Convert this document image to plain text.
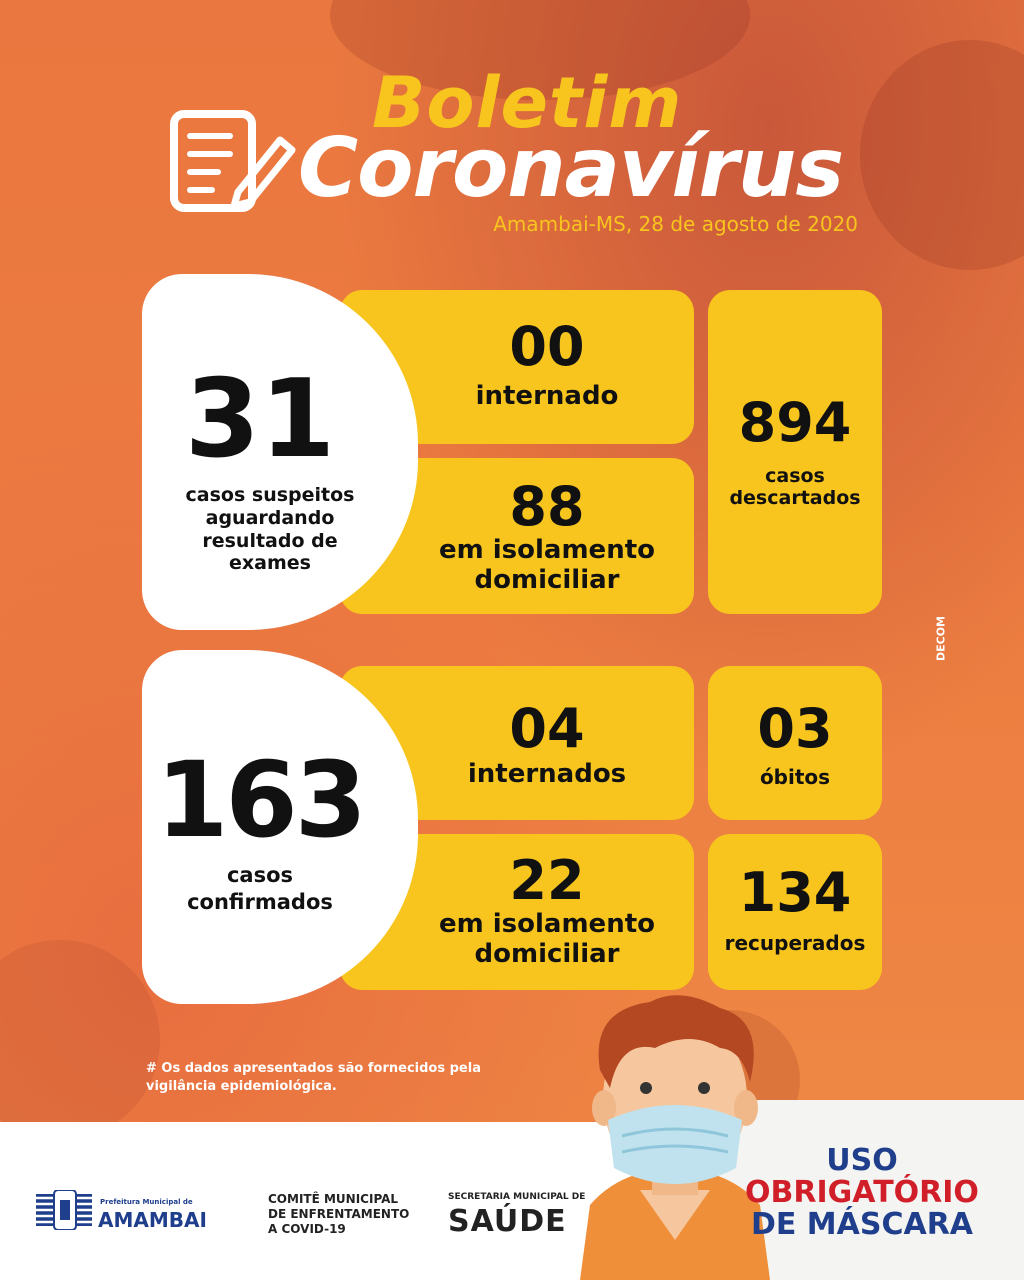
Boletim
Coronavírus
Amambai-MS, 28 de agosto de 2020
00
internado
88
em isolamento domiciliar
894
casos descartados
31
casos suspeitos aguardando resultado de exames
04
internados
22
em isolamento domiciliar
03
óbitos
134
recuperados
163
casos confirmados
DECOM
# Os dados apresentados são fornecidos pela vigilância epidemiológica.
Prefeitura Municipal de
AMAMBAI
COMITÊ MUNICIPAL
DE ENFRENTAMENTO
A COVID-19
SECRETARIA MUNICIPAL DE
SAÚDE
USO
OBRIGATÓRIO
DE MÁSCARA
